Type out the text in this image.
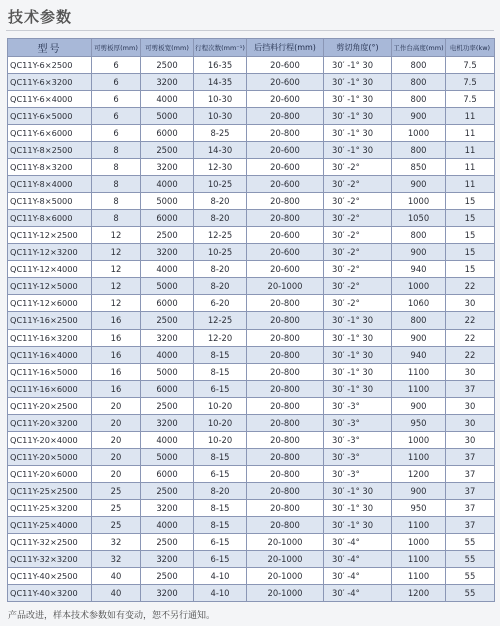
技术参数
型号	可剪板厚(mm)	可剪板宽(mm)	行程次数(mm⁻¹)	后挡料行程(mm)	剪切角度(°)	工作台高度(mm)	电机功率(kw)
QC11Y-6×2500	6	2500	16-35	20-600	30′ -1° 30	800	7.5
QC11Y-6×3200	6	3200	14-35	20-600	30′ -1° 30	800	7.5
QC11Y-6×4000	6	4000	10-30	20-600	30′ -1° 30	800	7.5
QC11Y-6×5000	6	5000	10-30	20-800	30′ -1° 30	900	11
QC11Y-6×6000	6	6000	8-25	20-800	30′ -1° 30	1000	11
QC11Y-8×2500	8	2500	14-30	20-600	30′ -1° 30	800	11
QC11Y-8×3200	8	3200	12-30	20-600	30′ -2°	850	11
QC11Y-8×4000	8	4000	10-25	20-600	30′ -2°	900	11
QC11Y-8×5000	8	5000	8-20	20-800	30′ -2°	1000	15
QC11Y-8×6000	8	6000	8-20	20-800	30′ -2°	1050	15
QC11Y-12×2500	12	2500	12-25	20-600	30′ -2°	800	15
QC11Y-12×3200	12	3200	10-25	20-600	30′ -2°	900	15
QC11Y-12×4000	12	4000	8-20	20-600	30′ -2°	940	15
QC11Y-12×5000	12	5000	8-20	20-1000	30′ -2°	1000	22
QC11Y-12×6000	12	6000	6-20	20-800	30′ -2°	1060	30
QC11Y-16×2500	16	2500	12-25	20-800	30′ -1° 30	800	22
QC11Y-16×3200	16	3200	12-20	20-800	30′ -1° 30	900	22
QC11Y-16×4000	16	4000	8-15	20-800	30′ -1° 30	940	22
QC11Y-16×5000	16	5000	8-15	20-800	30′ -1° 30	1100	30
QC11Y-16×6000	16	6000	6-15	20-800	30′ -1° 30	1100	37
QC11Y-20×2500	20	2500	10-20	20-800	30′ -3°	900	30
QC11Y-20×3200	20	3200	10-20	20-800	30′ -3°	950	30
QC11Y-20×4000	20	4000	10-20	20-800	30′ -3°	1000	30
QC11Y-20×5000	20	5000	8-15	20-800	30′ -3°	1100	37
QC11Y-20×6000	20	6000	6-15	20-800	30′ -3°	1200	37
QC11Y-25×2500	25	2500	8-20	20-800	30′ -1° 30	900	37
QC11Y-25×3200	25	3200	8-15	20-800	30′ -1° 30	950	37
QC11Y-25×4000	25	4000	8-15	20-800	30′ -1° 30	1100	37
QC11Y-32×2500	32	2500	6-15	20-1000	30′ -4°	1000	55
QC11Y-32×3200	32	3200	6-15	20-1000	30′ -4°	1100	55
QC11Y-40×2500	40	2500	4-10	20-1000	30′ -4°	1100	55
QC11Y-40×3200	40	3200	4-10	20-1000	30′ -4°	1200	55
产品改进，样本技术参数如有变动，恕不另行通知。
